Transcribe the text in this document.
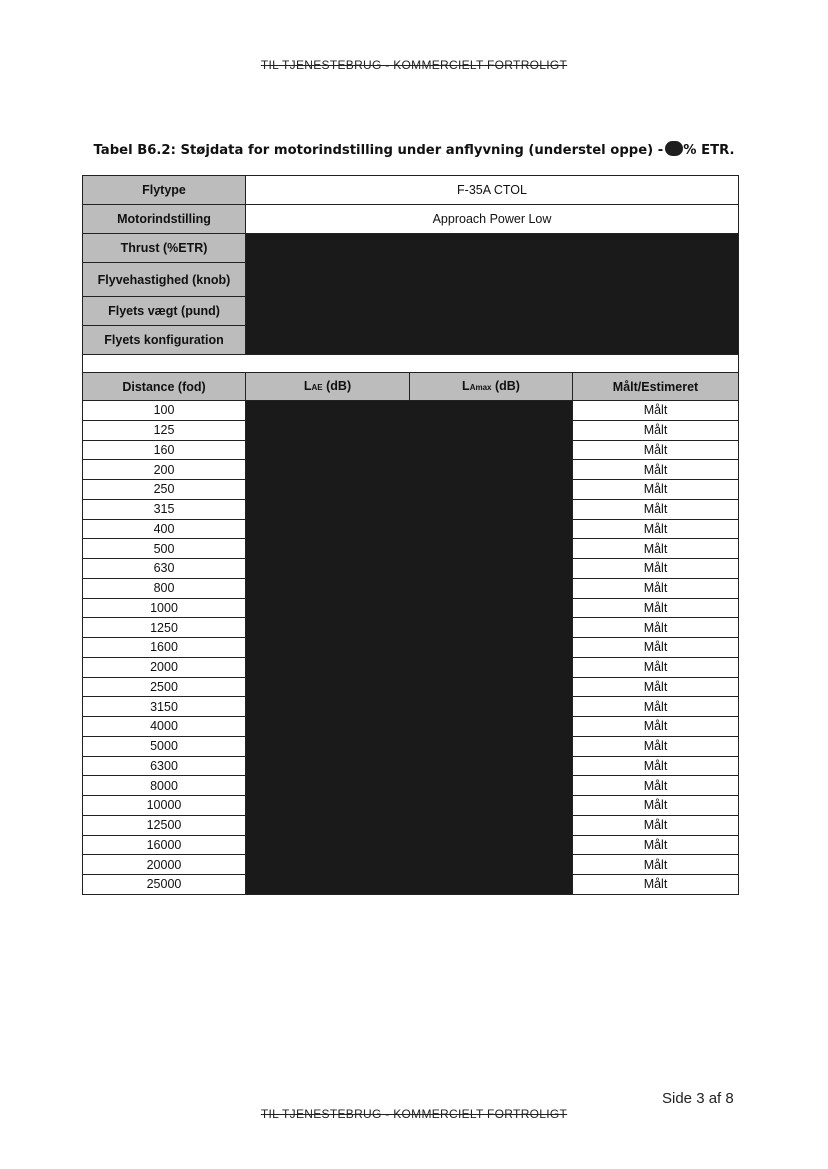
TIL TJENESTEBRUG - KOMMERCIELT FORTROLIGT
Tabel B6.2: Støjdata for motorindstilling under anflyvning (understel oppe) - % ETR.
Flytype	F-35A CTOL		
Motorindstilling	Approach Power Low		
Thrust (%ETR)			
Flyvehastighed (knob)			
Flyets vægt (pund)			
Flyets konfiguration			

Distance (fod)	LAE (dB)	LAmax (dB)	Målt/Estimeret
100			Målt
125			Målt
160			Målt
200			Målt
250			Målt
315			Målt
400			Målt
500			Målt
630			Målt
800			Målt
1000			Målt
1250			Målt
1600			Målt
2000			Målt
2500			Målt
3150			Målt
4000			Målt
5000			Målt
6300			Målt
8000			Målt
10000			Målt
12500			Målt
16000			Målt
20000			Målt
25000			Målt
Side 3 af 8
TIL TJENESTEBRUG - KOMMERCIELT FORTROLIGT
